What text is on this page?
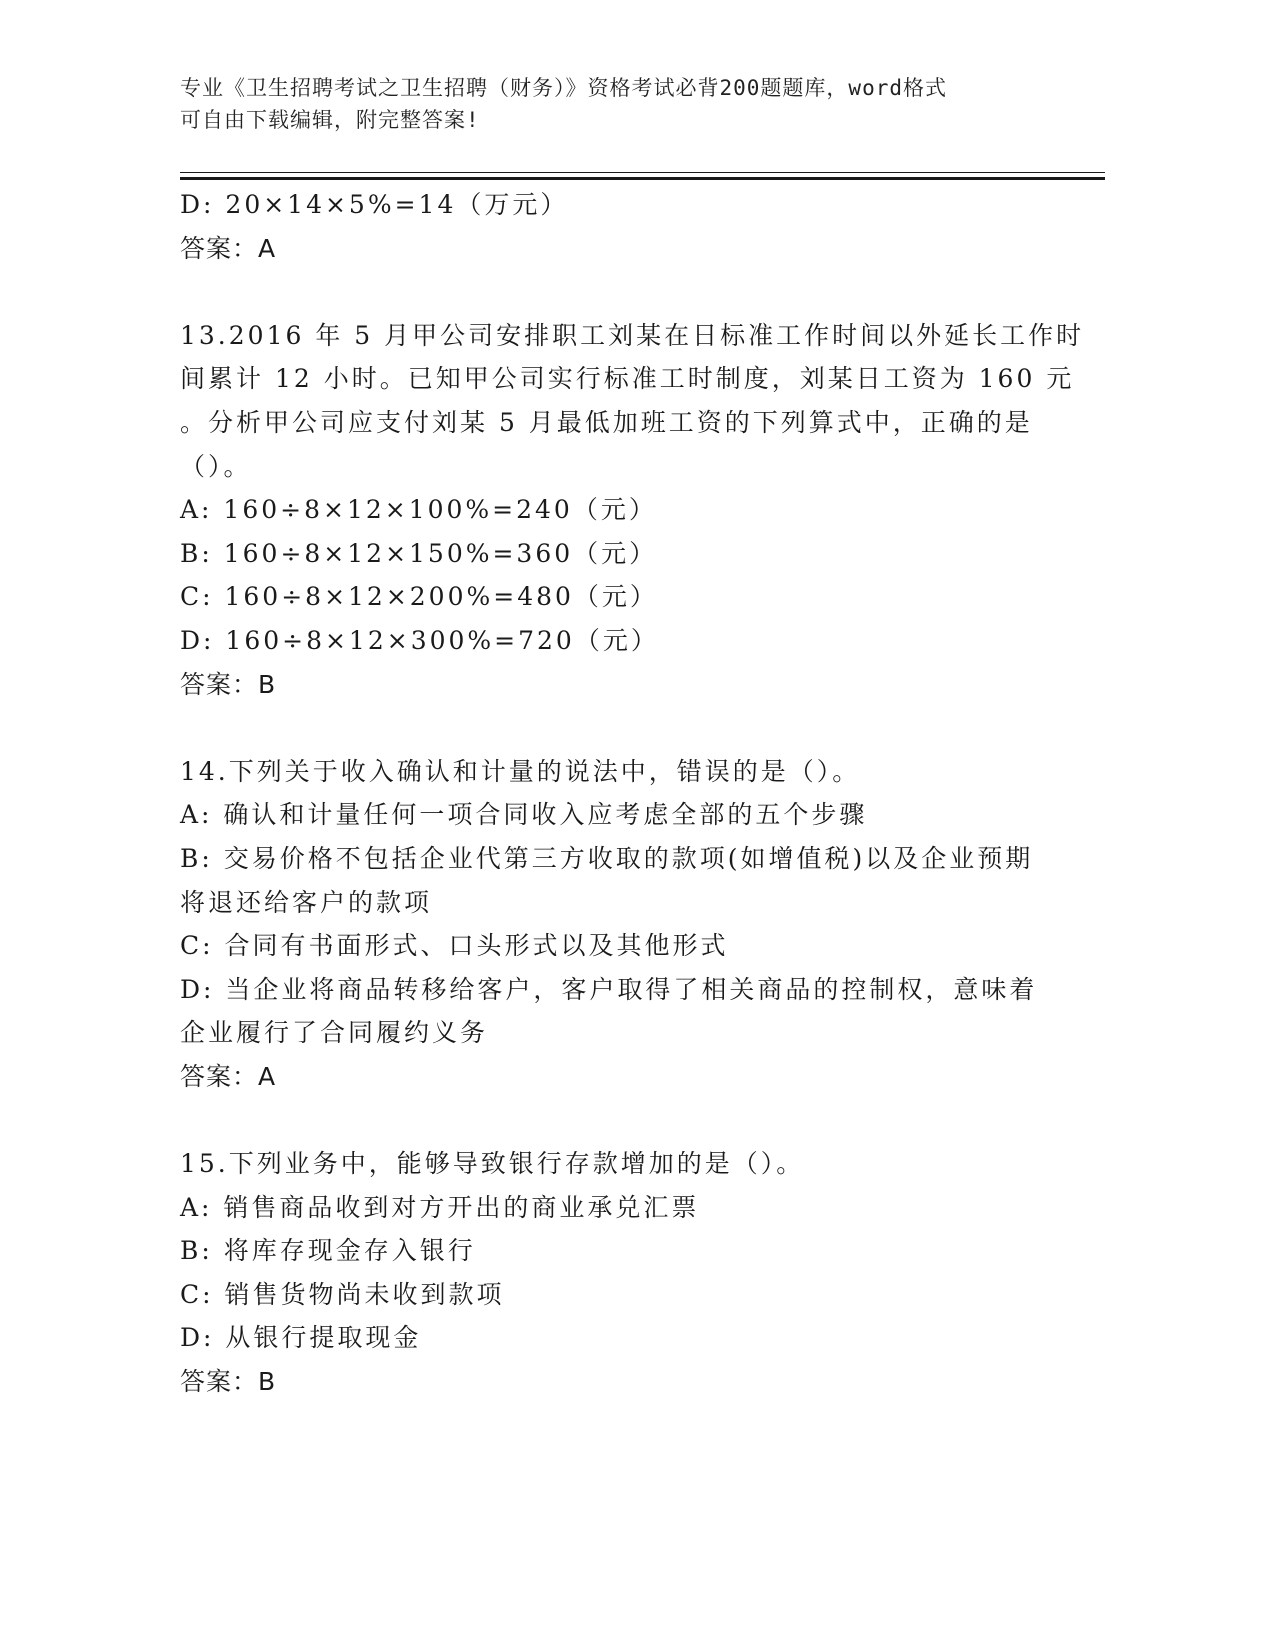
专业《卫生招聘考试之卫生招聘（财务）》资格考试必背200题题库，word格式
可自由下载编辑，附完整答案!
D: 20×14×5%=14（万元）
答案：A
13.2016 年 5 月甲公司安排职工刘某在日标准工作时间以外延长工作时
间累计 12 小时。已知甲公司实行标准工时制度，刘某日工资为 160 元
。分析甲公司应支付刘某 5 月最低加班工资的下列算式中，正确的是
（）。
A: 160÷8×12×100%=240（元）
B: 160÷8×12×150%=360（元）
C: 160÷8×12×200%=480（元）
D: 160÷8×12×300%=720（元）
答案：B
14.下列关于收入确认和计量的说法中，错误的是（）。
A: 确认和计量任何一项合同收入应考虑全部的五个步骤
B: 交易价格不包括企业代第三方收取的款项(如增值税)以及企业预期
将退还给客户的款项
C: 合同有书面形式、口头形式以及其他形式
D: 当企业将商品转移给客户，客户取得了相关商品的控制权，意味着
企业履行了合同履约义务
答案：A
15.下列业务中，能够导致银行存款增加的是（）。
A: 销售商品收到对方开出的商业承兑汇票
B: 将库存现金存入银行
C: 销售货物尚未收到款项
D: 从银行提取现金
答案：B
